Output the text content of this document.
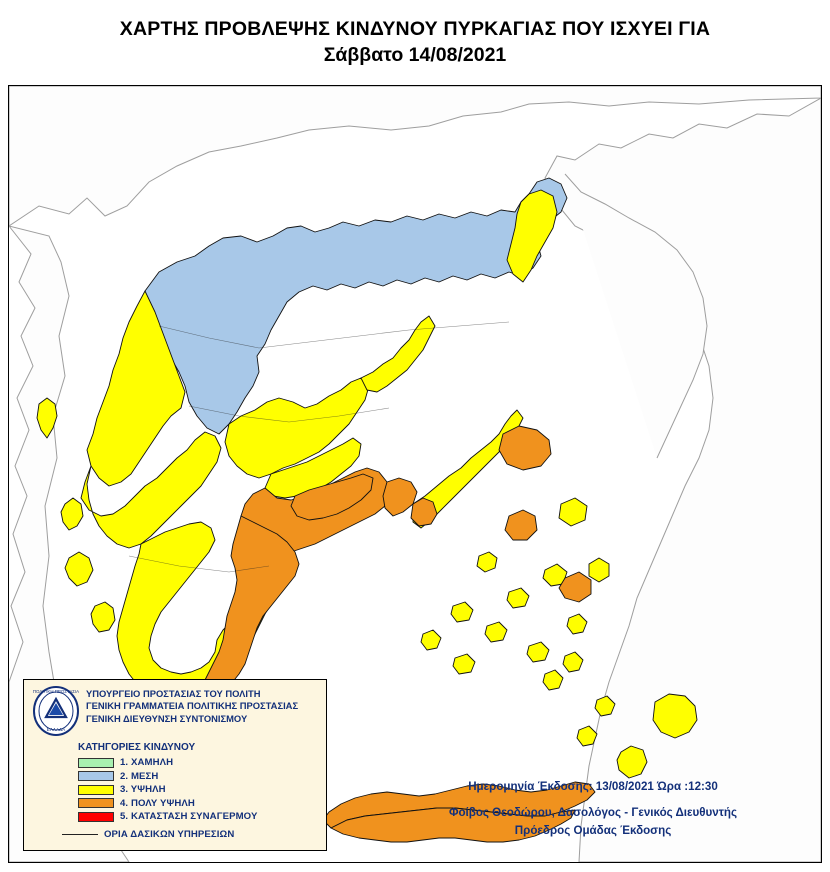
ΧΑΡΤΗΣ ΠΡΟΒΛΕΨΗΣ ΚΙΝΔΥΝΟΥ ΠΥΡΚΑΓΙΑΣ ΠΟΥ ΙΣΧΥΕΙ ΓΙΑ
Σάββατο 14/08/2021
ΠΟΛΙΤΙΚΗ ΠΡΟΣΤΑΣΙΑ
ΕΛΛΑΔΑ
ΥΠΟΥΡΓΕΙΟ ΠΡΟΣΤΑΣΙΑΣ ΤΟΥ ΠΟΛΙΤΗ
ΓΕΝΙΚΗ ΓΡΑΜΜΑΤΕΙΑ ΠΟΛΙΤΙΚΗΣ ΠΡΟΣΤΑΣΙΑΣ
ΓΕΝΙΚΗ ΔΙΕΥΘΥΝΣΗ ΣΥΝΤΟΝΙΣΜΟΥ
ΚΑΤΗΓΟΡΙΕΣ ΚΙΝΔΥΝΟΥ
1. ΧΑΜΗΛΗ
2. ΜΕΣΗ
3. ΥΨΗΛΗ
4. ΠΟΛΥ ΥΨΗΛΗ
5. ΚΑΤΑΣΤΑΣΗ ΣΥΝΑΓΕΡΜΟΥ
ΟΡΙΑ ΔΑΣΙΚΩΝ ΥΠΗΡΕΣΙΩΝ
Ημερομηνία Έκδοσης: 13/08/2021 Ώρα :12:30
Φοίβος Θεοδώρου, Δασολόγος - Γενικός Διευθυντής
Πρόεδρος Ομάδας Έκδοσης
